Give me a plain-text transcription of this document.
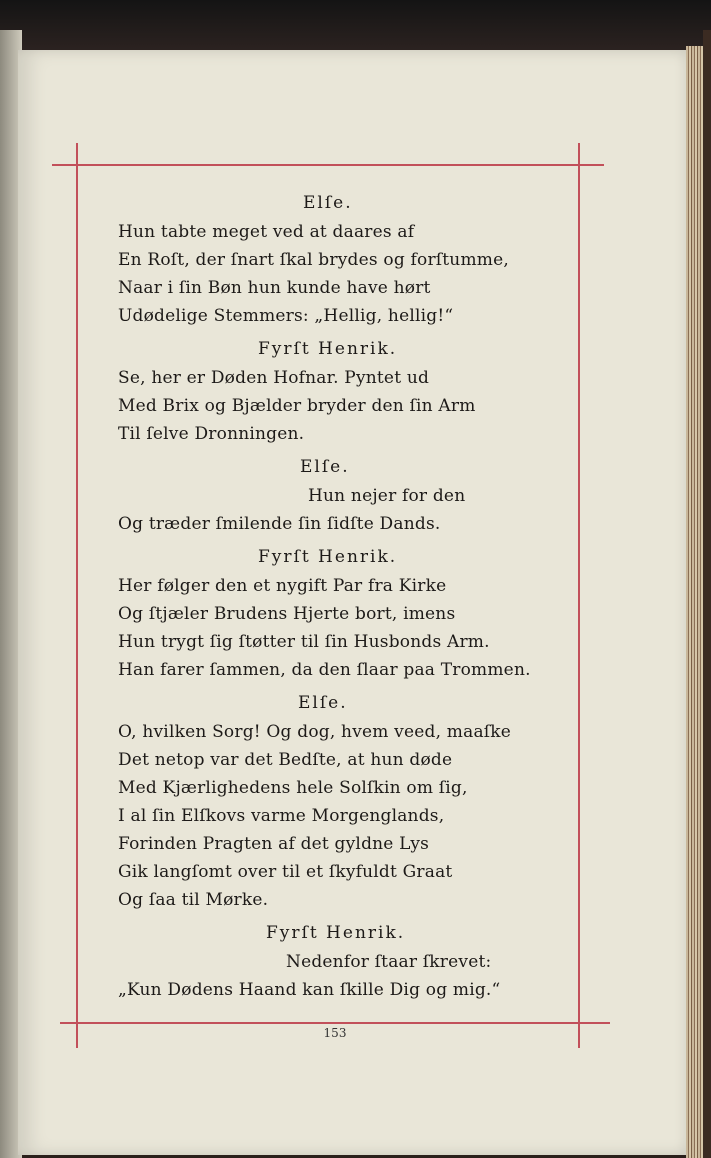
Elſe.
Hun tabte meget ved at daares af
En Roſt, der ſnart ſkal brydes og forſtumme,
Naar i ſin Bøn hun kunde have hørt
Udødelige Stemmers: „Hellig, hellig!“
Fyrſt Henrik.
Se, her er Døden Hofnar. Pyntet ud
Med Brix og Bjælder bryder den ſin Arm
Til ſelve Dronningen.
Elſe.
Hun nejer for den
Og træder ſmilende ſin ſidſte Dands.
Fyrſt Henrik.
Her følger den et nygift Par fra Kirke
Og ſtjæler Brudens Hjerte bort, imens
Hun trygt ſig ſtøtter til ſin Husbonds Arm.
Han farer ſammen, da den ſlaar paa Trommen.
Elſe.
O, hvilken Sorg! Og dog, hvem veed, maaſke
Det netop var det Bedſte, at hun døde
Med Kjærlighedens hele Solſkin om ſig,
I al ſin Elſkovs varme Morgenglands,
Forinden Pragten af det gyldne Lys
Gik langſomt over til et ſkyfuldt Graat
Og ſaa til Mørke.
Fyrſt Henrik.
Nedenfor ſtaar ſkrevet:
„Kun Dødens Haand kan ſkille Dig og mig.“
153
